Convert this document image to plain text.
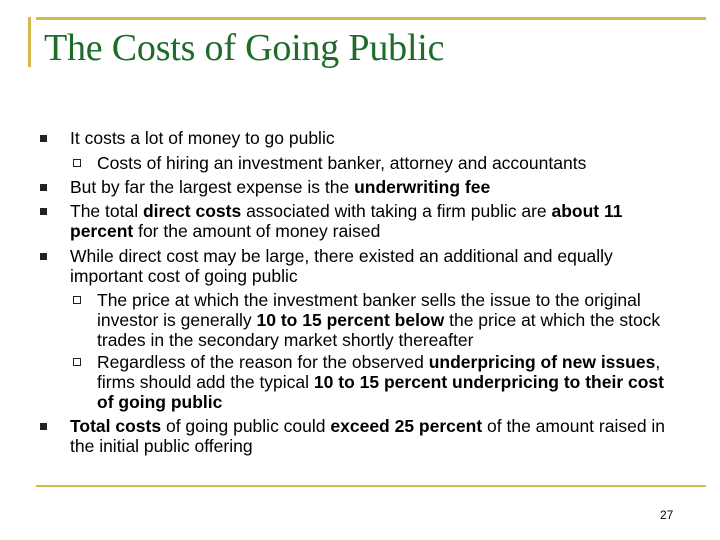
The Costs of Going Public
It costs a lot of money to go public
Costs of hiring an investment banker, attorney and accountants
But by far the largest expense is the underwriting fee
The total direct costs associated with taking a firm public are about 11 percent for the amount of money raised
While direct cost may be large, there existed an additional and equally important cost of going public
The price at which the investment banker sells the issue to the original investor is generally 10 to 15 percent below the price at which the stock trades in the secondary market shortly thereafter
Regardless of the reason for the observed underpricing of new issues, firms should add the typical 10 to 15 percent underpricing to their cost of going public
Total costs of going public could exceed 25 percent of the amount raised in the initial public offering
27
